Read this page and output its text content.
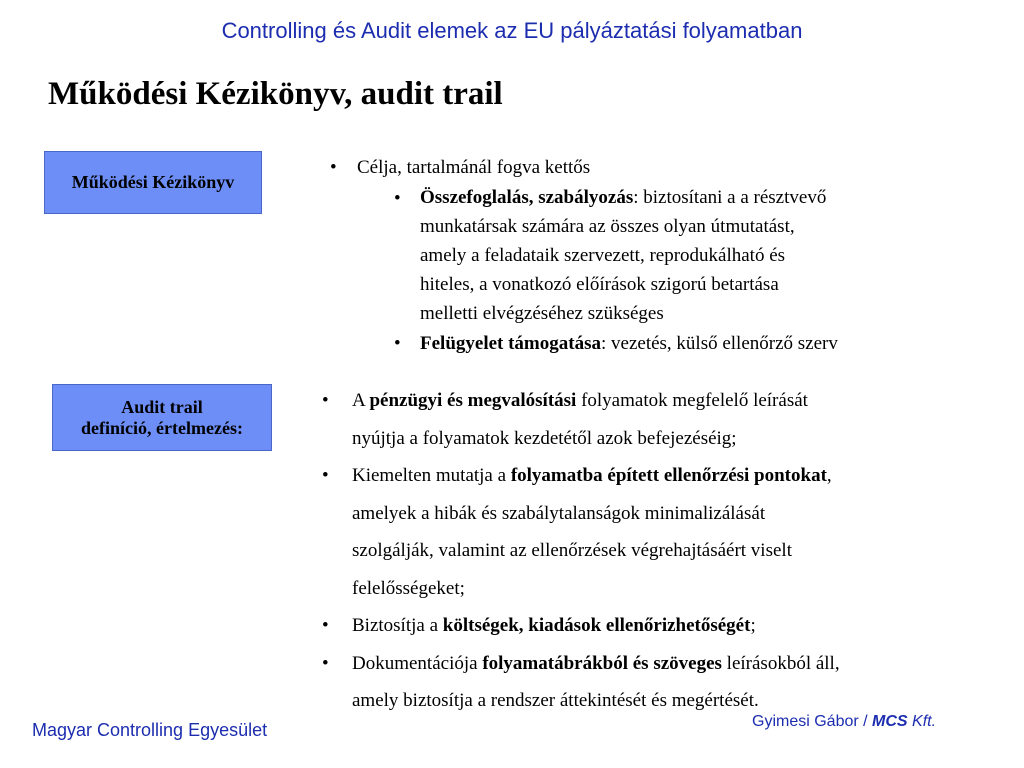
Controlling és Audit elemek az EU pályáztatási folyamatban
Működési Kézikönyv, audit trail
Működési Kézikönyv
Audit trail
definíció, értelmezés:
• Célja, tartalmánál fogva kettős
• Összefoglalás, szabályozás: biztosítani a a résztvevő
munkatársak számára az összes olyan útmutatást,
amely a feladataik szervezett, reprodukálható és
hiteles, a vonatkozó előírások szigorú betartása
melletti elvégzéséhez szükséges
• Felügyelet támogatása: vezetés, külső ellenőrző szerv
• A pénzügyi és megvalósítási folyamatok megfelelő leírását
nyújtja a folyamatok kezdetétől azok befejezéséig;
• Kiemelten mutatja a folyamatba épített ellenőrzési pontokat,
amelyek a hibák és szabálytalanságok minimalizálását
szolgálják, valamint az ellenőrzések végrehajtásáért viselt
felelősségeket;
• Biztosítja a költségek, kiadások ellenőrizhetőségét;
• Dokumentációja folyamatábrákból és szöveges leírásokból áll,
amely biztosítja a rendszer áttekintését és megértését.
Magyar Controlling Egyesület	Gyimesi Gábor / MCS Kft.
